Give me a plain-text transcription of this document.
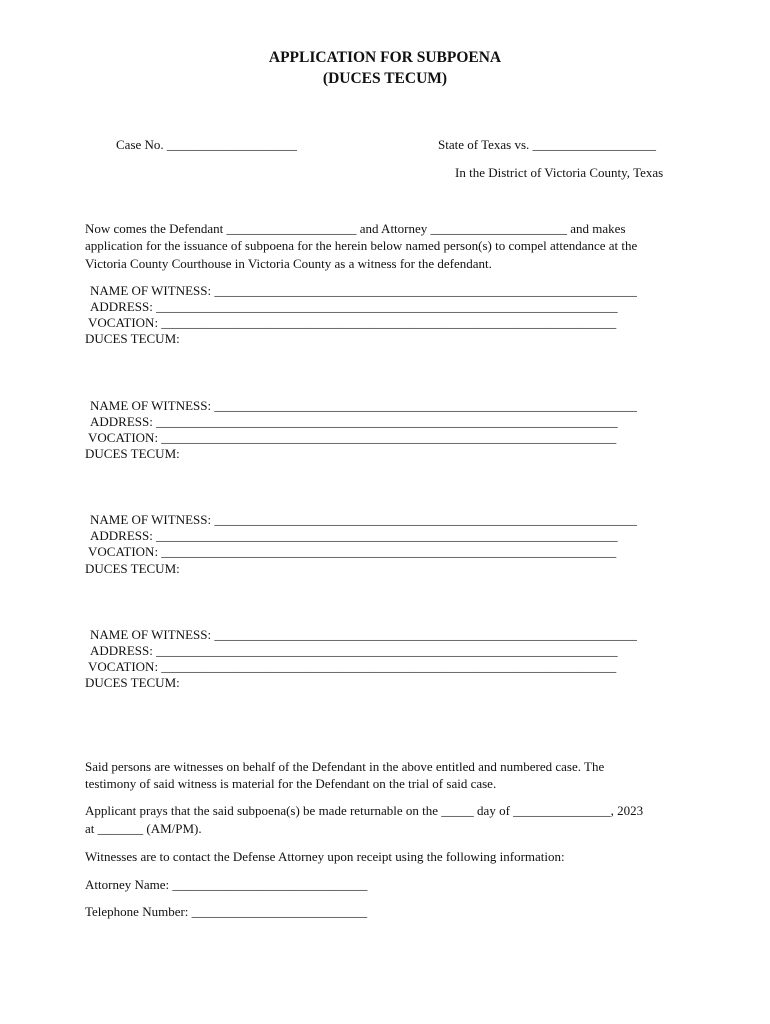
APPLICATION FOR SUBPOENA
(DUCES TECUM)
Case No. ____________________	State of Texas vs. ___________________
In the District of Victoria County, Texas
Now comes the Defendant ____________________ and Attorney _____________________ and makes
application for the issuance of subpoena for the herein below named person(s) to compel attendance at the
Victoria County Courthouse in Victoria County as a witness for the defendant.
NAME OF WITNESS: _________________________________________________________________
ADDRESS: _______________________________________________________________________
VOCATION: ______________________________________________________________________
DUCES TECUM:
NAME OF WITNESS: _________________________________________________________________
ADDRESS: _______________________________________________________________________
VOCATION: ______________________________________________________________________
DUCES TECUM:
NAME OF WITNESS: _________________________________________________________________
ADDRESS: _______________________________________________________________________
VOCATION: ______________________________________________________________________
DUCES TECUM:
NAME OF WITNESS: _________________________________________________________________
ADDRESS: _______________________________________________________________________
VOCATION: ______________________________________________________________________
DUCES TECUM:
Said persons are witnesses on behalf of the Defendant in the above entitled and numbered case. The
testimony of said witness is material for the Defendant on the trial of said case.
Applicant prays that the said subpoena(s) be made returnable on the _____ day of _______________, 2023
at _______ (AM/PM).
Witnesses are to contact the Defense Attorney upon receipt using the following information:
Attorney Name: ______________________________
Telephone Number: ___________________________
